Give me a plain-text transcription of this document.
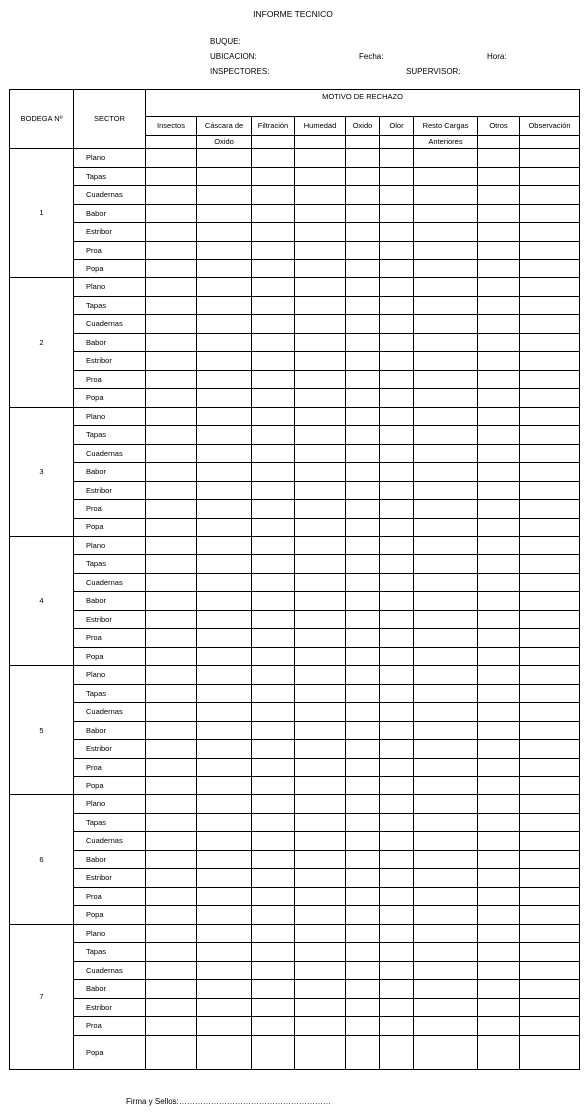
INFORME TECNICO
BUQUE:
UBICACION:	Fecha:	Hora:
INSPECTORES:	SUPERVISOR:
BODEGA Nº	SECTOR	MOTIVO DE RECHAZO								
		Insectos	Cáscara de	Filtración	Humedad	Oxido	Olor	Resto Cargas	Otros	Observación
			Oxido					Anteriores		
1	Plano									
	Tapas									
	Cuadernas									
	Babor									
	Estribor									
	Proa									
	Popa									
2	Plano									
	Tapas									
	Cuadernas									
	Babor									
	Estribor									
	Proa									
	Popa									
3	Plano									
	Tapas									
	Cuadernas									
	Babor									
	Estribor									
	Proa									
	Popa									
4	Plano									
	Tapas									
	Cuadernas									
	Babor									
	Estribor									
	Proa									
	Popa									
5	Plano									
	Tapas									
	Cuadernas									
	Babor									
	Estribor									
	Proa									
	Popa									
6	Plano									
	Tapas									
	Cuadernas									
	Babor									
	Estribor									
	Proa									
	Popa									
7	Plano									
	Tapas									
	Cuadernas									
	Babor									
	Estribor									
	Proa									
	Popa									
Firma y Sellos:…………………………………………………
